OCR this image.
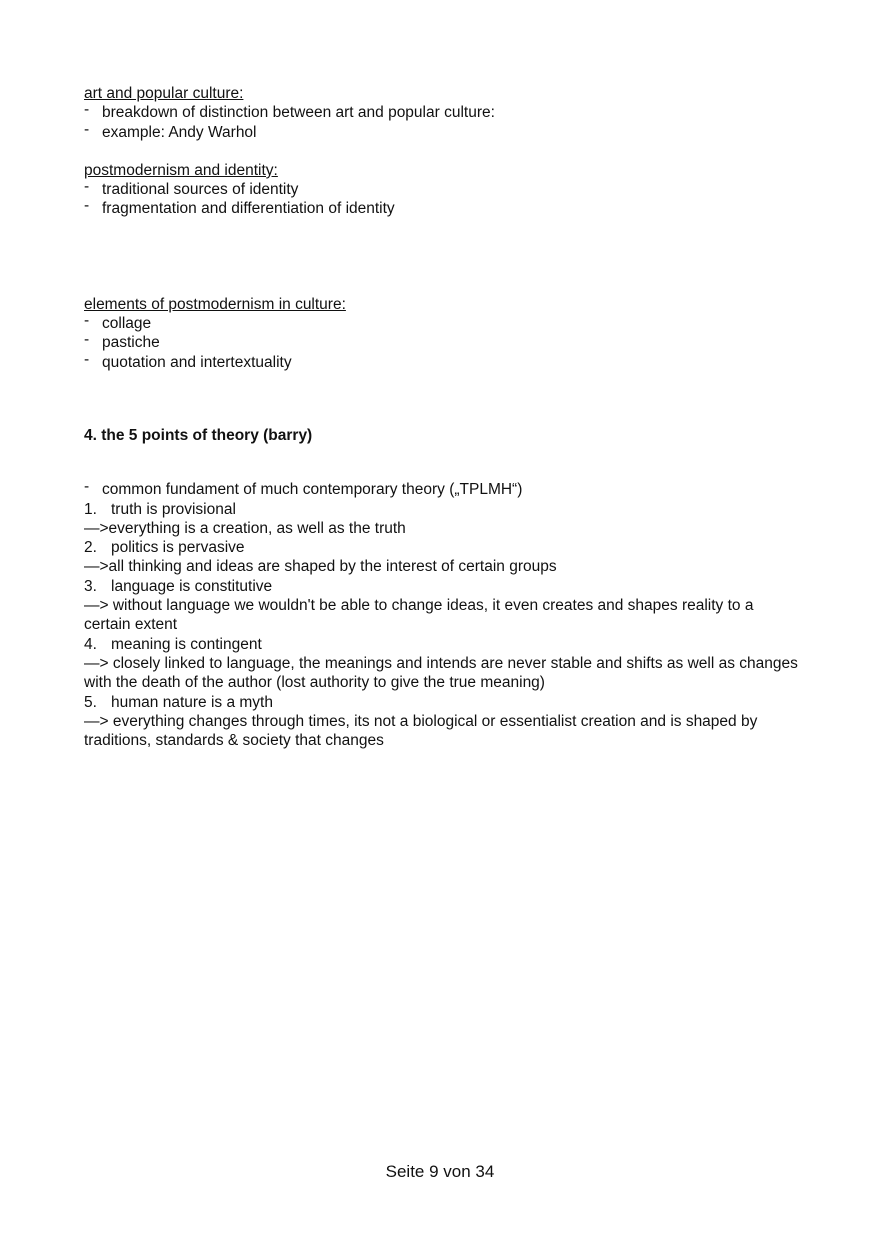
art and popular culture:

- breakdown of distinction between art and popular culture:
- example: Andy Warhol

postmodernism and identity:

- traditional sources of identity
- fragmentation and differentiation of identity

elements of postmodernism in culture:

- collage
- pastiche
- quotation and intertextuality

4. the 5 points of theory (barry)

- common fundament of much contemporary theory („TPLMH“)
1. truth is provisional

—>everything is a creation, as well as the truth

2. politics is pervasive

—>all thinking and ideas are shaped by the interest of certain groups

3. language is constitutive

—> without language we wouldn't be able to change ideas, it even creates and shapes reality to a certain extent

4. meaning is contingent

—> closely linked to language, the meanings and intends are never stable and shifts as well as changes with the death of the author (lost authority to give the true meaning)

5. human nature is a myth

—> everything changes through times, its not a biological or essentialist creation and is shaped by traditions, standards & society that changes

Seite 9 von 34
